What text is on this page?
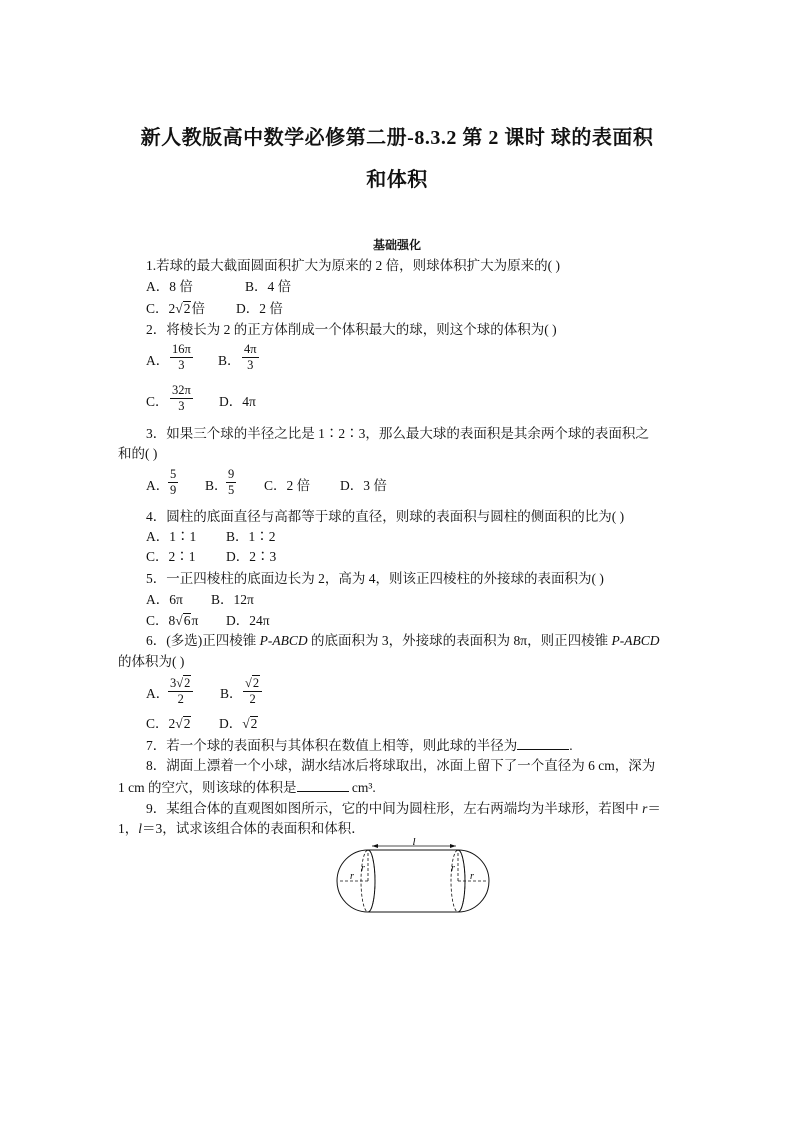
新人教版高中数学必修第二册-8.3.2 第 2 课时 球的表面积
和体积
基础强化
1.若球的最大截面圆面积扩大为原来的 2 倍，则球体积扩大为原来的( )
A．8 倍	B．4 倍
C．2√2倍 D．2 倍
2．将棱长为 2 的正方体削成一个体积最大的球，则这个球的体积为( )
A． $\frac{16\pi}{3}$ B． $\frac{4\pi}{3}$
C． $\frac{32\pi}{3}$ D．4π
3．如果三个球的半径之比是 1∶2∶3，那么最大球的表面积是其余两个球的表面积之
和的( )
A．
$\frac{5}{9}$ B．
$\frac{9}{5}$ C．2 倍 D．3 倍
4．圆柱的底面直径与高都等于球的直径，则球的表面积与圆柱的侧面积的比为( )
A．1∶1 B．1∶2
C．2∶1 D．2∶3
5．一正四棱柱的底面边长为 2，高为 4，则该正四棱柱的外接球的表面积为( )
A．6π B．12π
C．8√6π D．24π
6．(多选)正四棱锥 P-ABCD 的底面积为 3，外接球的表面积为 8π，则正四棱锥 P-ABCD
的体积为( )
A．
$\frac{3√2}{2}$ B． $\frac{√2}{2}$
C．2√2 D．√2
7．若一个球的表面积与其体积在数值上相等，则此球的半径为	.
8．湖面上漂着一个小球，湖水结冰后将球取出，冰面上留下了一个直径为 6 cm，深为
1 cm 的空穴，则该球的体积是	cm³.
9．某组合体的直观图如图所示，它的中间为圆柱形，左右两端均为半球形，若图中 r＝
1，l＝3，试求该组合体的表面积和体积．
l
r
r
r
r
